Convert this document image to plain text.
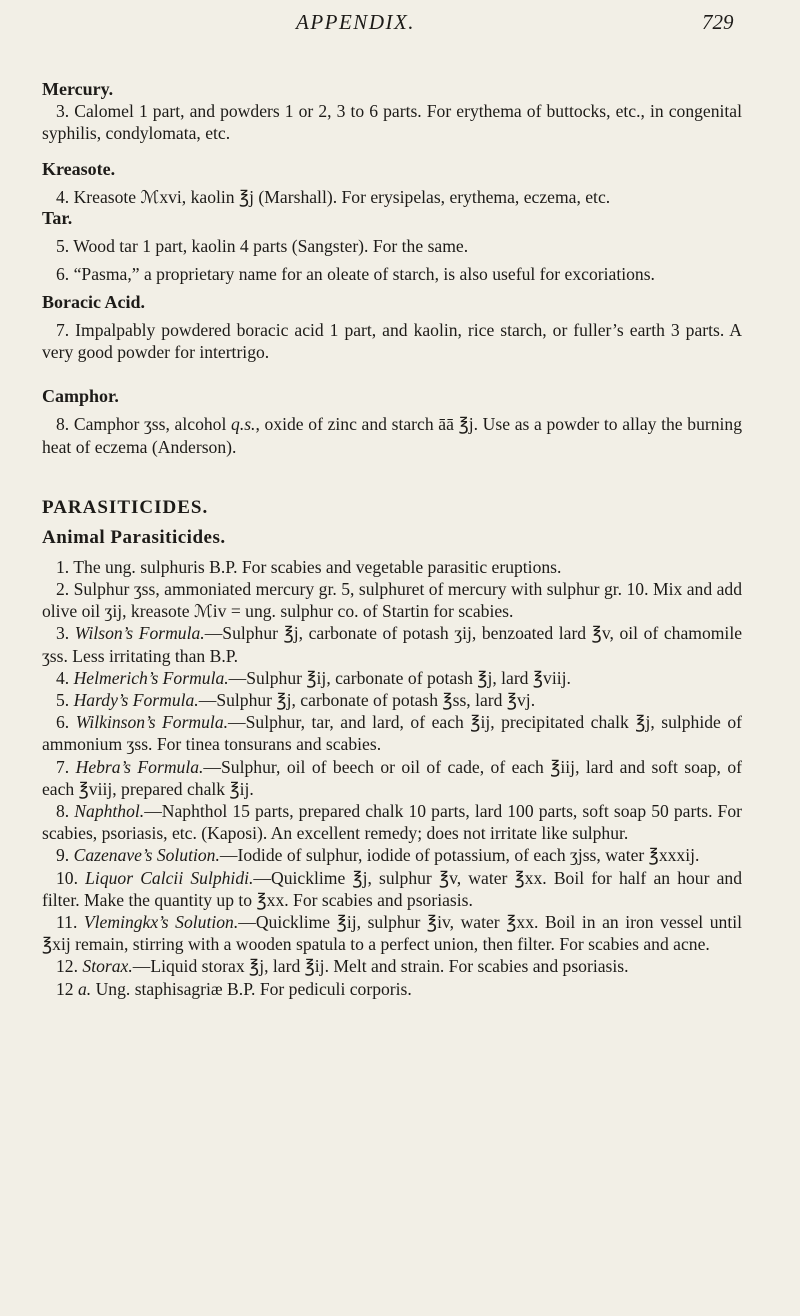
APPENDIX.	729

Mercury.

3. Calomel 1 part, and powders 1 or 2, 3 to 6 parts. For erythema of buttocks, etc., in congenital syphilis, condylomata, etc.

Kreasote.

4. Kreasote ℳxvi, kaolin ℥j (Marshall). For erysipelas, erythema, eczema, etc.

Tar.

5. Wood tar 1 part, kaolin 4 parts (Sangster). For the same.

6. “Pasma,” a proprietary name for an oleate of starch, is also useful for excoriations.

Boracic Acid.

7. Impalpably powdered boracic acid 1 part, and kaolin, rice starch, or fuller’s earth 3 parts. A very good powder for intertrigo.

Camphor.

8. Camphor ʒss, alcohol q.s., oxide of zinc and starch āā ℥j. Use as a powder to allay the burning heat of eczema (Anderson).

PARASITICIDES.

Animal Parasiticides.

1. The ung. sulphuris B.P. For scabies and vegetable parasitic eruptions.

2. Sulphur ʒss, ammoniated mercury gr. 5, sulphuret of mercury with sulphur gr. 10. Mix and add olive oil ʒij, kreasote ℳiv = ung. sulphur co. of Startin for scabies.

3. Wilson’s Formula.—Sulphur ℥j, carbonate of potash ʒij, benzoated lard ℥v, oil of chamomile ʒss. Less irritating than B.P.

4. Helmerich’s Formula.—Sulphur ℥ij, carbonate of potash ℥j, lard ℥viij.

5. Hardy’s Formula.—Sulphur ℥j, carbonate of potash ℥ss, lard ℥vj.

6. Wilkinson’s Formula.—Sulphur, tar, and lard, of each ℥ij, precipitated chalk ℥j, sulphide of ammonium ʒss. For tinea tonsurans and scabies.

7. Hebra’s Formula.—Sulphur, oil of beech or oil of cade, of each ℥iij, lard and soft soap, of each ℥viij, prepared chalk ℥ij.

8. Naphthol.—Naphthol 15 parts, prepared chalk 10 parts, lard 100 parts, soft soap 50 parts. For scabies, psoriasis, etc. (Kaposi). An excellent remedy; does not irritate like sulphur.

9. Cazenave’s Solution.—Iodide of sulphur, iodide of potassium, of each ʒjss, water ℥xxxij.

10. Liquor Calcii Sulphidi.—Quicklime ℥j, sulphur ℥v, water ℥xx. Boil for half an hour and filter. Make the quantity up to ℥xx. For scabies and psoriasis.

11. Vlemingkx’s Solution.—Quicklime ℥ij, sulphur ℥iv, water ℥xx. Boil in an iron vessel until ℥xij remain, stirring with a wooden spatula to a perfect union, then filter. For scabies and acne.

12. Storax.—Liquid storax ℥j, lard ℥ij. Melt and strain. For scabies and psoriasis.

12 a. Ung. staphisagriæ B.P. For pediculi corporis.
